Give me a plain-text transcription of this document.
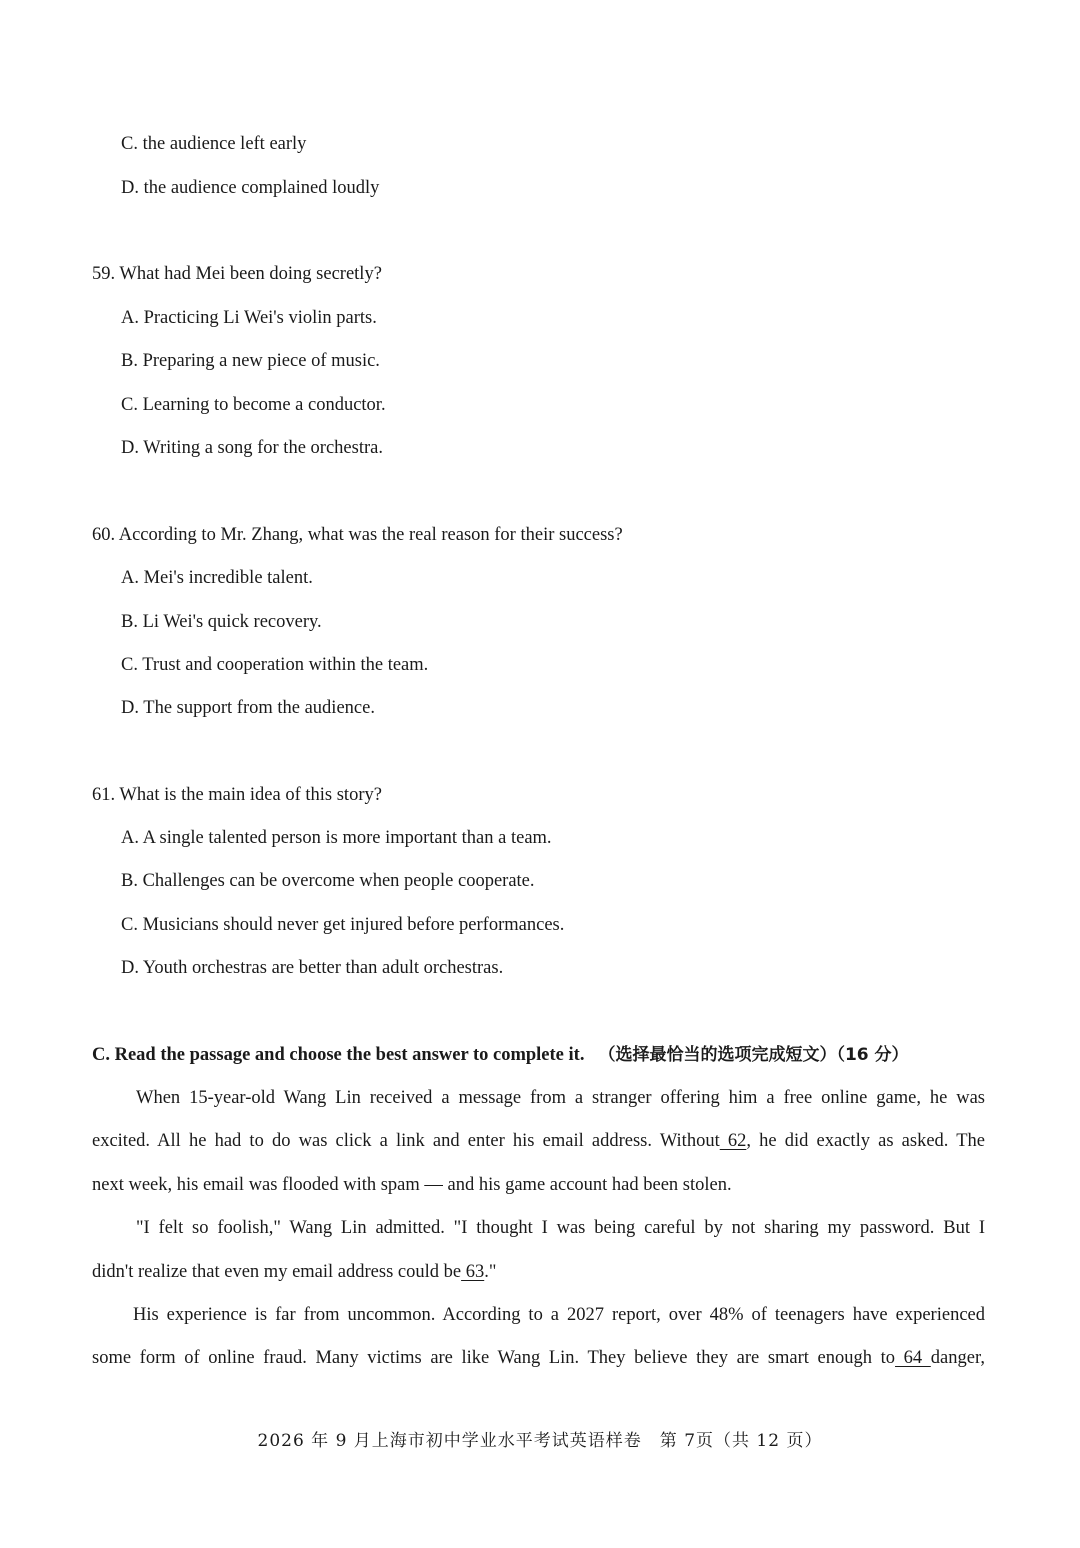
C. the audience left early
D. the audience complained loudly
59. What had Mei been doing secretly?
A. Practicing Li Wei's violin parts.
B. Preparing a new piece of music.
C. Learning to become a conductor.
D. Writing a song for the orchestra.
60. According to Mr. Zhang, what was the real reason for their success?
A. Mei's incredible talent.
B. Li Wei's quick recovery.
C. Trust and cooperation within the team.
D. The support from the audience.
61. What is the main idea of this story?
A. A single talented person is more important than a team.
B. Challenges can be overcome when people cooperate.
C. Musicians should never get injured before performances.
D. Youth orchestras are better than adult orchestras.
C. Read the passage and choose the best answer to complete it. （选择最恰当的选项完成短文）（16 分）
When 15-year-old Wang Lin received a message from a stranger offering him a free online game, he was
excited. All he had to do was click a link and enter his email address. Without 62, he did exactly as asked. The
next week, his email was flooded with spam — and his game account had been stolen.
"I felt so foolish," Wang Lin admitted. "I thought I was being careful by not sharing my password. But I
didn't realize that even my email address could be 63."
His experience is far from uncommon. According to a 2027 report, over 48% of teenagers have experienced
some form of online fraud. Many victims are like Wang Lin. They believe they are smart enough to 64 danger,
2026 年 9 月上海市初中学业水平考试英语样卷　第 7页（共 12 页）
